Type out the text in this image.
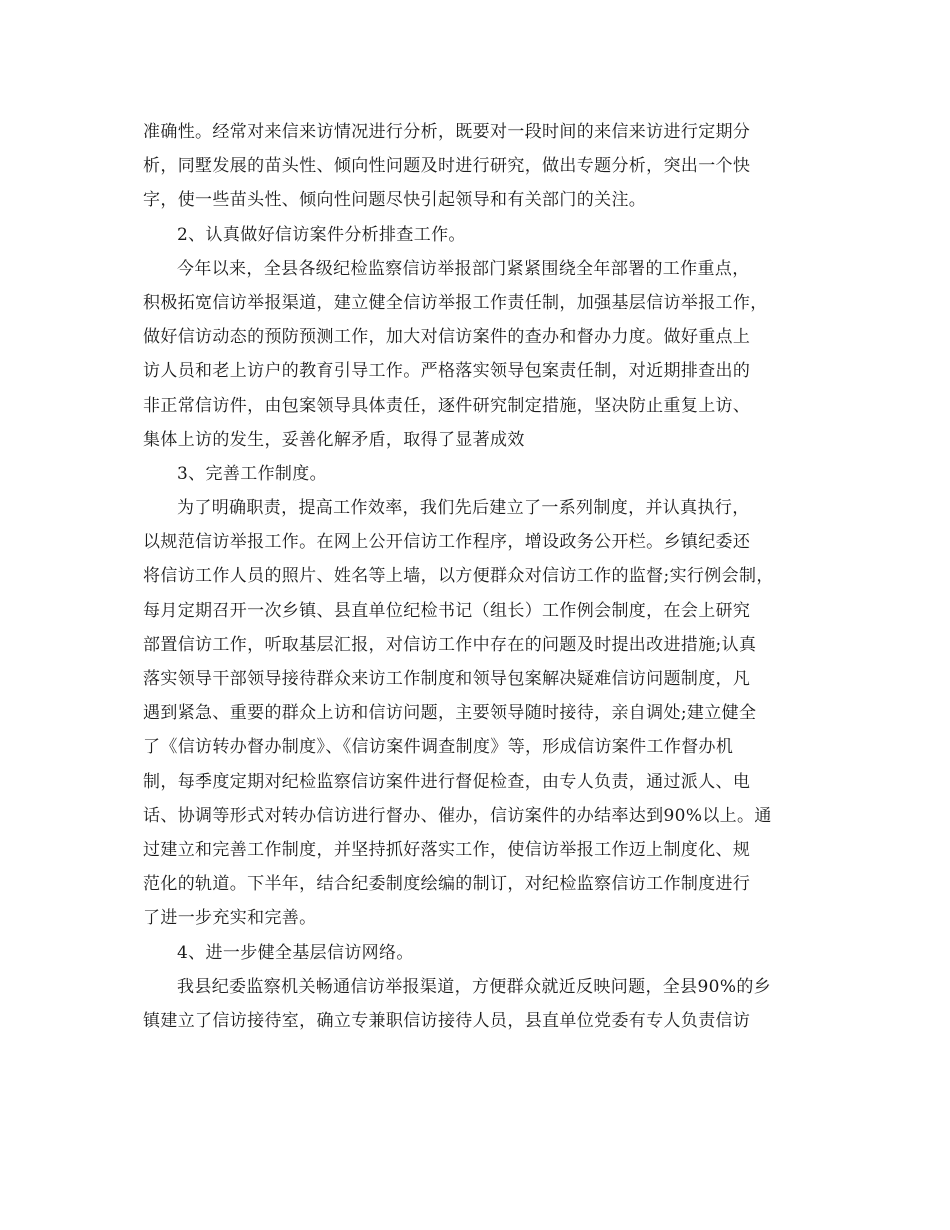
准确性。经常对来信来访情况进行分析，既要对一段时间的来信来访进行定期分
析，同墅发展的苗头性、倾向性问题及时进行研究，做出专题分析，突出一个快
字，使一些苗头性、倾向性问题尽快引起领导和有关部门的关注。
2、认真做好信访案件分析排查工作。
今年以来，全县各级纪检监察信访举报部门紧紧围绕全年部署的工作重点，
积极拓宽信访举报渠道，建立健全信访举报工作责任制，加强基层信访举报工作，
做好信访动态的预防预测工作，加大对信访案件的查办和督办力度。做好重点上
访人员和老上访户的教育引导工作。严格落实领导包案责任制，对近期排查出的
非正常信访件，由包案领导具体责任，逐件研究制定措施，坚决防止重复上访、
集体上访的发生，妥善化解矛盾，取得了显著成效
3、完善工作制度。
为了明确职责，提高工作效率，我们先后建立了一系列制度，并认真执行，
以规范信访举报工作。在网上公开信访工作程序，增设政务公开栏。乡镇纪委还
将信访工作人员的照片、姓名等上墙，以方便群众对信访工作的监督;实行例会制，
每月定期召开一次乡镇、县直单位纪检书记（组长）工作例会制度，在会上研究
部置信访工作，听取基层汇报，对信访工作中存在的问题及时提出改进措施;认真
落实领导干部领导接待群众来访工作制度和领导包案解决疑难信访问题制度，凡
遇到紧急、重要的群众上访和信访问题，主要领导随时接待，亲自调处;建立健全
了《信访转办督办制度》、《信访案件调查制度》等，形成信访案件工作督办机
制，每季度定期对纪检监察信访案件进行督促检查，由专人负责，通过派人、电
话、协调等形式对转办信访进行督办、催办，信访案件的办结率达到90%以上。通
过建立和完善工作制度，并坚持抓好落实工作，使信访举报工作迈上制度化、规
范化的轨道。下半年，结合纪委制度绘编的制订，对纪检监察信访工作制度进行
了进一步充实和完善。
4、进一步健全基层信访网络。
我县纪委监察机关畅通信访举报渠道，方便群众就近反映问题，全县90%的乡
镇建立了信访接待室，确立专兼职信访接待人员，县直单位党委有专人负责信访
